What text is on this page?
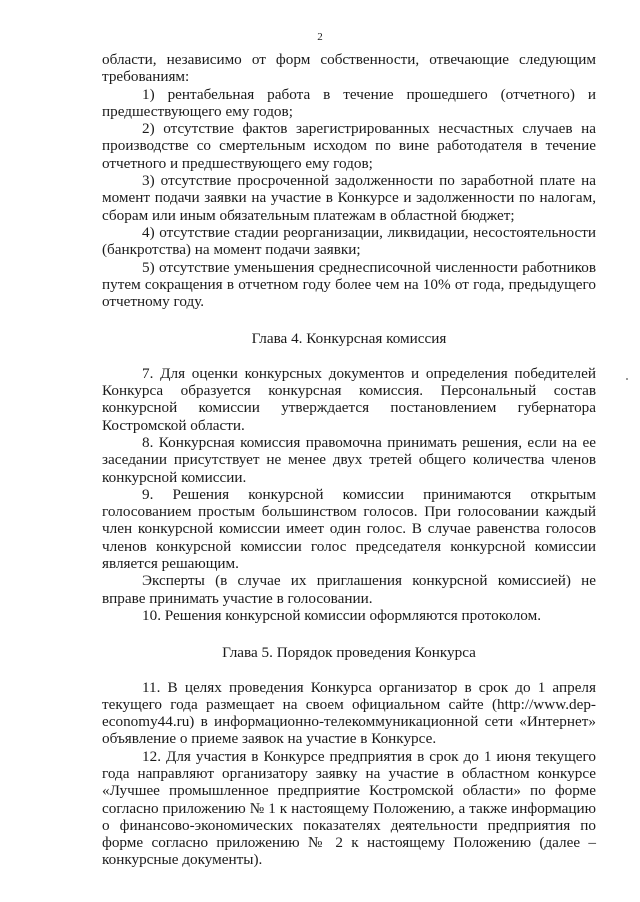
2

области, независимо от форм собственности, отвечающие следующим требованиям:

1) рентабельная работа в течение прошедшего (отчетного) и предшествующего ему годов;

2) отсутствие фактов зарегистрированных несчастных случаев на производстве со смертельным исходом по вине работодателя в течение отчетного и предшествующего ему годов;

3) отсутствие просроченной задолженности по заработной плате на момент подачи заявки на участие в Конкурсе и задолженности по налогам, сборам или иным обязательным платежам в областной бюджет;

4) отсутствие стадии реорганизации, ликвидации, несостоятельности (банкротства) на момент подачи заявки;

5) отсутствие уменьшения среднесписочной численности работников путем сокращения в отчетном году более чем на 10% от года, предыдущего отчетному году.

Глава 4. Конкурсная комиссия

7. Для оценки конкурсных документов и определения победителей Конкурса образуется конкурсная комиссия. Персональный состав конкурсной комиссии утверждается постановлением губернатора Костромской области.

8. Конкурсная комиссия правомочна принимать решения, если на ее заседании присутствует не менее двух третей общего количества членов конкурсной комиссии.

9. Решения конкурсной комиссии принимаются открытым голосованием простым большинством голосов. При голосовании каждый член конкурсной комиссии имеет один голос. В случае равенства голосов членов конкурсной комиссии голос председателя конкурсной комиссии является решающим.

Эксперты (в случае их приглашения конкурсной комиссией) не вправе принимать участие в голосовании.

10. Решения конкурсной комиссии оформляются протоколом.

Глава 5. Порядок проведения Конкурса

11. В целях проведения Конкурса организатор в срок до 1 апреля текущего года размещает на своем официальном сайте (http://www.dep-economy44.ru) в информационно-телекоммуникационной сети «Интернет» объявление о приеме заявок на участие в Конкурсе.

12. Для участия в Конкурсе предприятия в срок до 1 июня текущего года направляют организатору заявку на участие в областном конкурсе «Лучшее промышленное предприятие Костромской области» по форме согласно приложению № 1 к настоящему Положению, а также информацию о финансово-экономических показателях деятельности предприятия по форме согласно приложению № 2 к настоящему Положению (далее – конкурсные документы).
